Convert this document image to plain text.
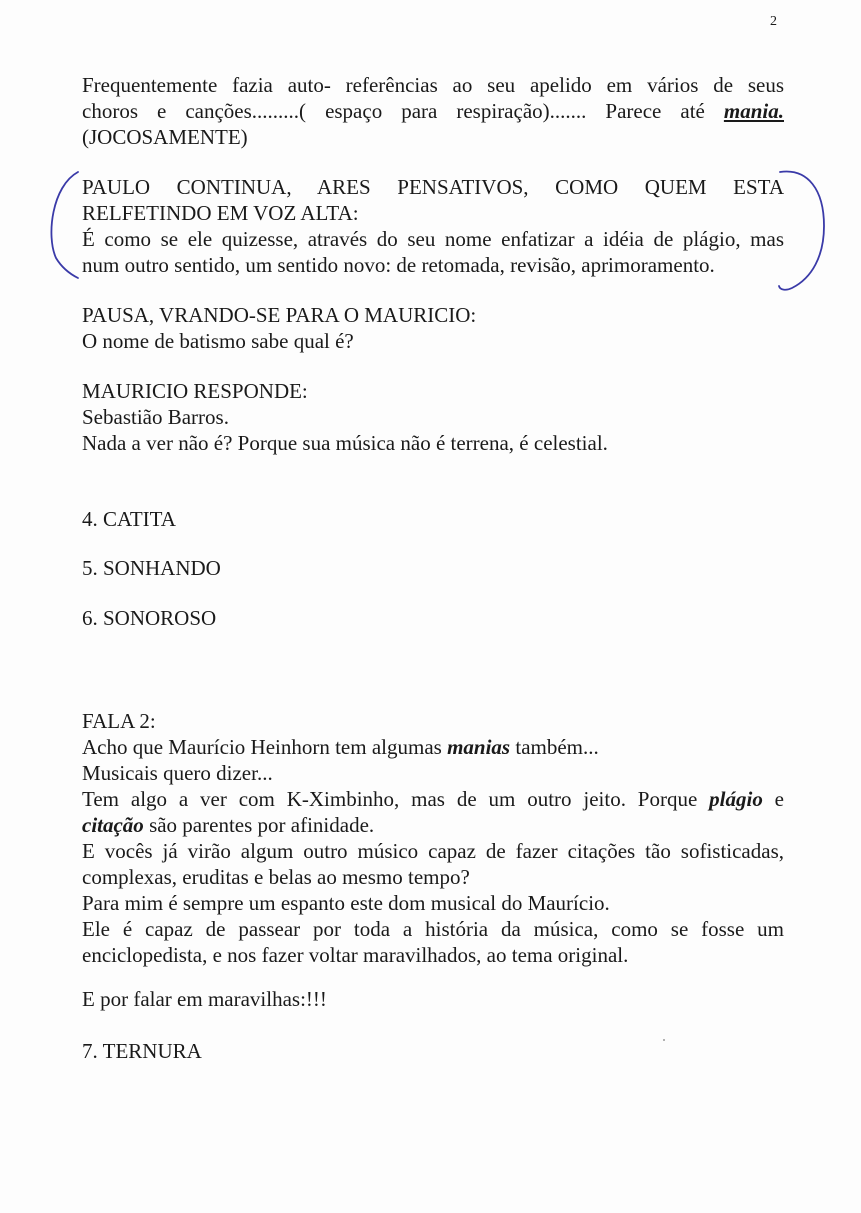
2
Frequentemente fazia auto- referências ao seu apelido em vários de seus
choros e canções.........( espaço para respiração)....... Parece até mania.
(JOCOSAMENTE)
PAULO CONTINUA, ARES PENSATIVOS, COMO QUEM ESTA
RELFETINDO EM VOZ ALTA:
É como se ele quizesse, através do seu nome enfatizar a idéia de plágio, mas
num outro sentido, um sentido novo: de retomada, revisão, aprimoramento.
PAUSA, VRANDO-SE PARA O MAURICIO:
O nome de batismo sabe qual é?
MAURICIO RESPONDE:
Sebastião Barros.
Nada a ver não é? Porque sua música não é terrena, é celestial.
4. CATITA
5. SONHANDO
6. SONOROSO
FALA 2:
Acho que Maurício Heinhorn tem algumas manias também...
Musicais quero dizer...
Tem algo a ver com K-Ximbinho, mas de um outro jeito. Porque plágio e
citação são parentes por afinidade.
E vocês já virão algum outro músico capaz de fazer citações tão sofisticadas,
complexas, eruditas e belas ao mesmo tempo?
Para mim é sempre um espanto este dom musical do Maurício.
Ele é capaz de passear por toda a história da música, como se fosse um
enciclopedista, e nos fazer voltar maravilhados, ao tema original.
E por falar em maravilhas:!!!
7. TERNURA
